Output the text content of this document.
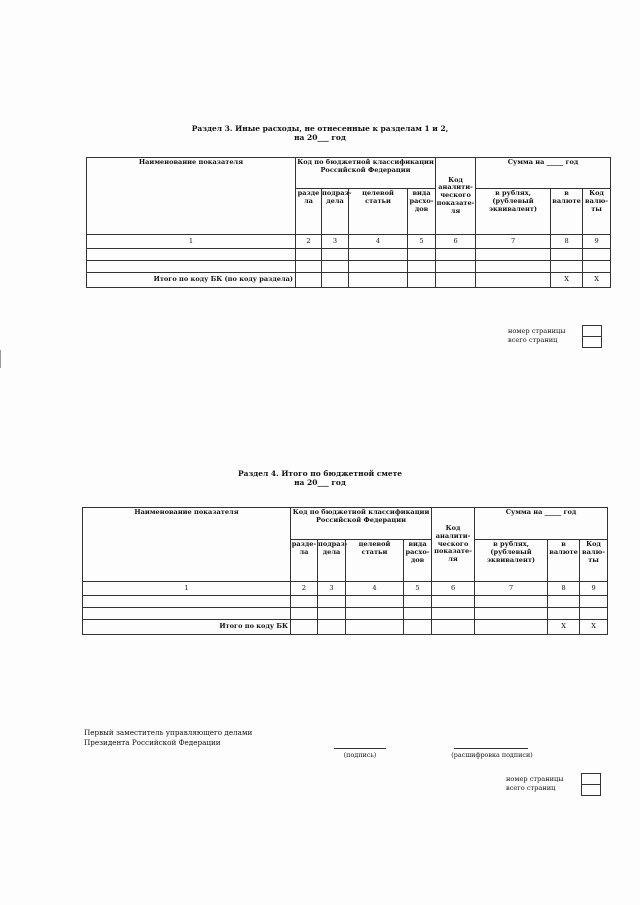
Раздел 3. Иные расходы, не отнесенные к разделам 1 и 2,
на 20___ год
Наименование показателя	Код по бюджетной классификации Российской Федерации				Код аналити-ческого показате-ля	Сумма на _____ год		
	разде ла	подраз-дела	целевой статьи	вида расхо-дов		в рублях, (рублевый эквивалент)	в валюте	Код валю-ты
1	2	3	4	5	6	7	8	9

Итого по коду БК (по коду раздела)							X	X
номер страницы
всего страниц
Раздел 4. Итого по бюджетной смете
на 20___ год
Наименование показателя	Код по бюджетной классификации Российской Федерации				Код аналити-ческого показате-ля	Сумма на _____ год		
	разде-ла	подраз-дела	целевой статьи	вида расхо-дов		в рублях, (рублевый эквивалент)	в валюте	Код валю-ты
1	2	3	4	5	6	7	8	9

Итого по коду БК							X	X
Первый заместитель управляющего делами
Президента Российской Федерации
(подпись)	(расшифровка подписи)
номер страницы
всего страниц
